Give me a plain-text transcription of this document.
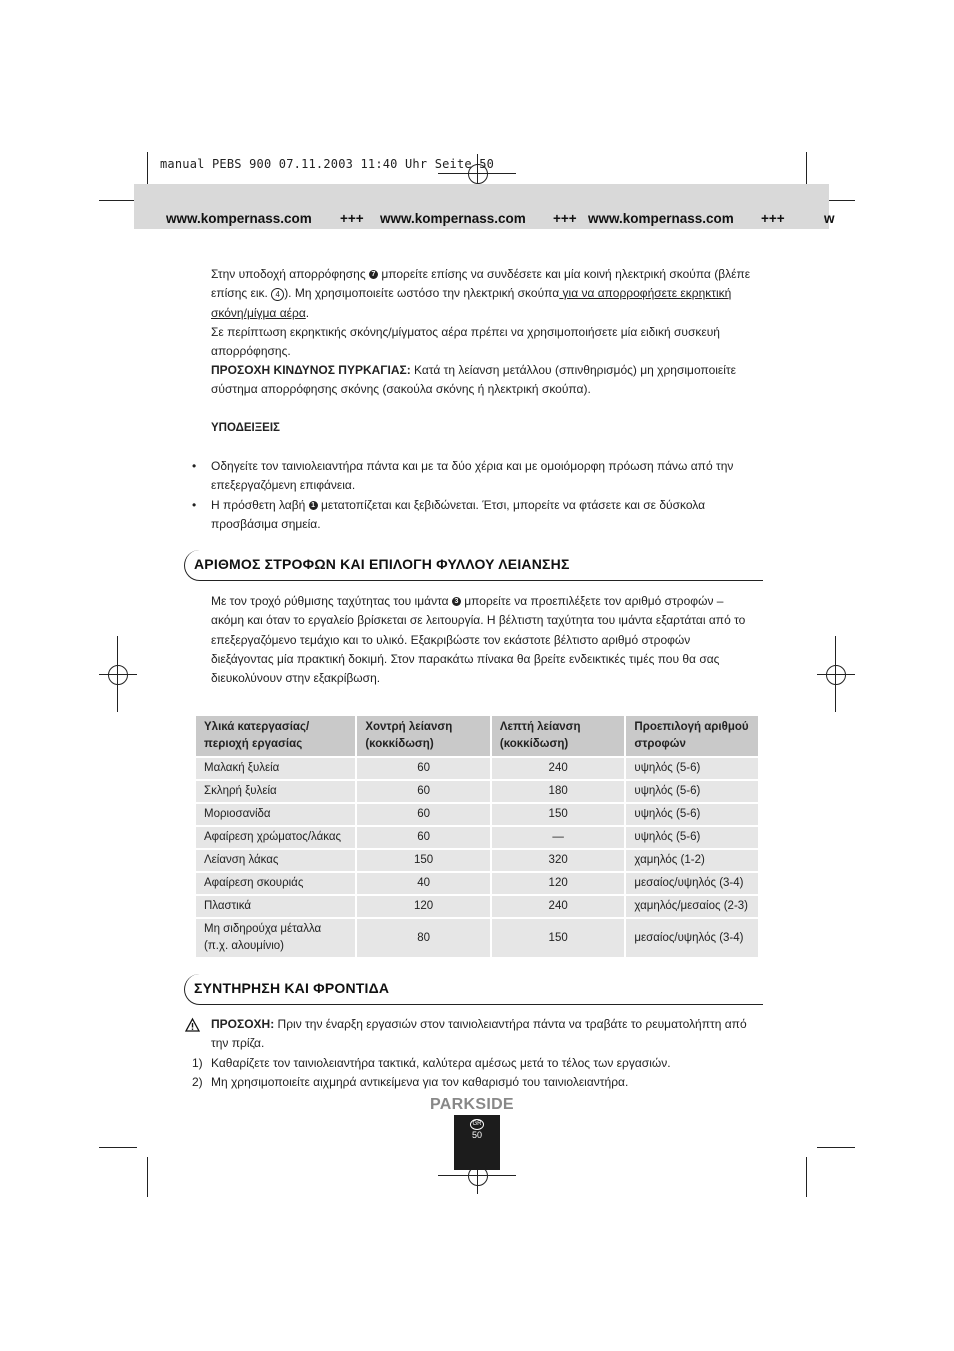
manual PEBS 900 07.11.2003 11:40 Uhr Seite 50
www.kompernass.com +++ www.kompernass.com +++ www.kompernass.com +++	w
Στην υποδοχή απορρόφησης 7 μπορείτε επίσης να συνδέσετε και μία κοινή ηλεκτρική σκούπα (βλέπε επίσης εικ. 4 ). Μη χρησιμοποιείτε ωστόσο την ηλεκτρική σκούπα για να απορροφήσετε εκρηκτική σκόνη/μίγμα αέρα.
Σε περίπτωση εκρηκτικής σκόνης/μίγματος αέρα πρέπει να χρησιμοποιήσετε μία ειδική συσκευή απορρόφησης.
ΠΡΟΣΟΧΗ ΚΙΝΔΥΝΟΣ ΠΥΡΚΑΓΙΑΣ: Κατά τη λείανση μετάλλου (σπινθηρισμός) μη χρησιμοποιείτε σύστημα απορρόφησης σκόνης (σακούλα σκόνης ή ηλεκτρική σκούπα).
ΥΠΟΔΕΙΞΕΙΣ
• Οδηγείτε τον ταινιολειαντήρα πάντα και με τα δύο χέρια και με ομοιόμορφη πρόωση πάνω από την επεξεργαζόμενη επιφάνεια.
• Η πρόσθετη λαβή 1 μετατοπίζεται και ξεβιδώνεται. Έτσι, μπορείτε να φτάσετε και σε δύσκολα προσβάσιμα σημεία.
ΑΡΙΘΜΟΣ ΣΤΡΟΦΩΝ ΚΑΙ ΕΠΙΛΟΓΗ ΦΥΛΛΟΥ ΛΕΙΑΝΣΗΣ
Με τον τροχό ρύθμισης ταχύτητας του ιμάντα 3 μπορείτε να προεπιλέξετε τον αριθμό στροφών – ακόμη και όταν το εργαλείο βρίσκεται σε λειτουργία. Η βέλτιστη ταχύτητα του ιμάντα εξαρτάται από το επεξεργαζόμενο τεμάχιο και το υλικό. Εξακριβώστε τον εκάστοτε βέλτιστο αριθμό στροφών διεξάγοντας μία πρακτική δοκιμή. Στον παρακάτω πίνακα θα βρείτε ενδεικτικές τιμές που θα σας διευκολύνουν στην εξακρίβωση.
Υλικά κατεργασίας/ περιοχή εργασίας	Χοντρή λείανση (κοκκίδωση)	Λεπτή λείανση (κοκκίδωση)	Προεπιλογή αριθμού στροφών
Μαλακή ξυλεία	60	240	υψηλός (5-6)
Σκληρή ξυλεία	60	180	υψηλός (5-6)
Μοριοσανίδα	60	150	υψηλός (5-6)
Αφαίρεση χρώματος/λάκας	60	—	υψηλός (5-6)
Λείανση λάκας	150	320	χαμηλός (1-2)
Αφαίρεση σκουριάς	40	120	μεσαίος/υψηλός (3-4)
Πλαστικά	120	240	χαμηλός/μεσαίος (2-3)
Μη σιδηρούχα μέταλλα (π.χ. αλουμίνιο)	80	150	μεσαίος/υψηλός (3-4)
ΣΥΝΤΗΡΗΣΗ ΚΑΙ ΦΡΟΝΤΙΔΑ
ΠΡΟΣΟΧΗ: Πριν την έναρξη εργασιών στον ταινιολειαντήρα πάντα να τραβάτε το ρευματολήπτη από την πρίζα.
1) Καθαρίζετε τον ταινιολειαντήρα τακτικά, καλύτερα αμέσως μετά το τέλος των εργασιών.
2) Μη χρησιμοποιείτε αιχμηρά αντικείμενα για τον καθαρισμό του ταινιολειαντήρα.
PARKSIDE
GR
50
